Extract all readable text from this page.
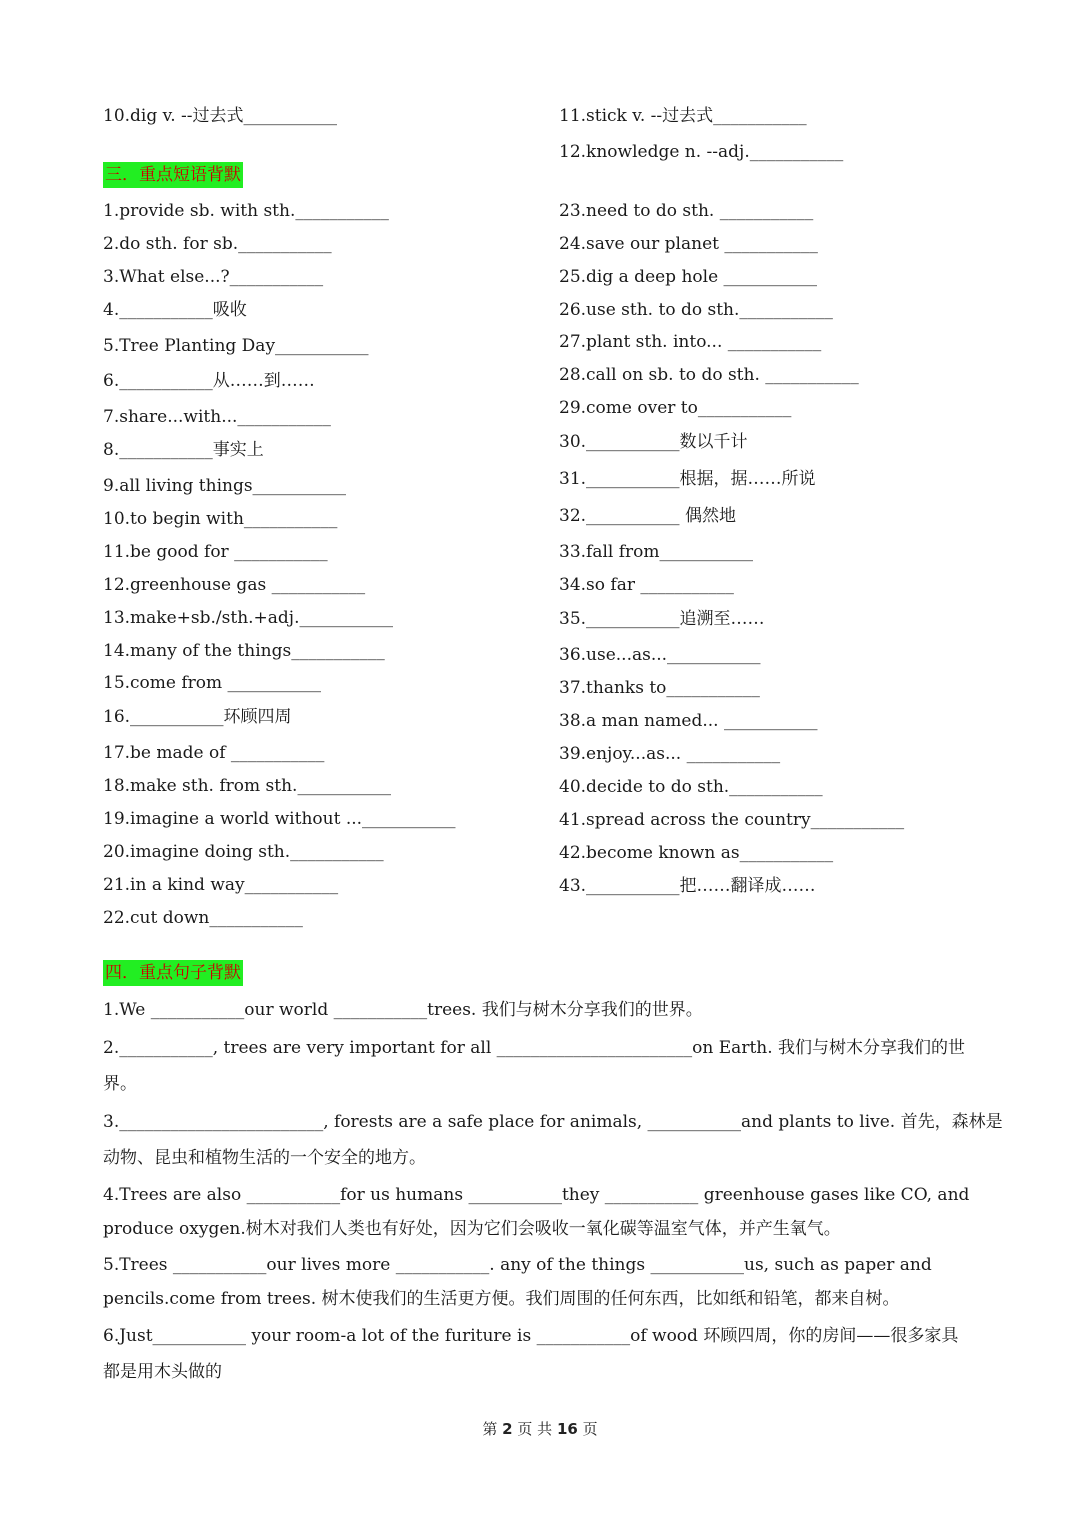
10.dig v. --过去式___________	11.stick v. --过去式___________
12.knowledge n. --adj.___________
三．重点短语背默
1.provide sb. with sth.___________
2.do sth. for sb.___________
3.What else...?___________
4.___________吸收
5.Tree Planting Day___________
6.___________从……到……
7.share...with...___________
8.___________事实上
9.all living things___________
10.to begin with___________
11.be good for ___________
12.greenhouse gas ___________
13.make+sb./sth.+adj.___________
14.many of the things___________
15.come from ___________
16.___________环顾四周
17.be made of ___________
18.make sth. from sth.___________
19.imagine a world without ...___________
20.imagine doing sth.___________
21.in a kind way___________
22.cut down___________
23.need to do sth. ___________
24.save our planet ___________
25.dig a deep hole ___________
26.use sth. to do sth.___________
27.plant sth. into... ___________
28.call on sb. to do sth. ___________
29.come over to___________
30.___________数以千计
31.___________根据，据……所说
32.___________ 偶然地
33.fall from___________
34.so far ___________
35.___________追溯至……
36.use...as...___________
37.thanks to___________
38.a man named... ___________
39.enjoy...as... ___________
40.decide to do sth.___________
41.spread across the country___________
42.become known as___________
43.___________把……翻译成……
四．重点句子背默
1.We ___________our world ___________trees. 我们与树木分享我们的世界。
2.___________, trees are very important for all _______________________on Earth. 我们与树木分享我们的世
界。
3.________________________, forests are a safe place for animals, ___________and plants to live. 首先，森林是
动物、昆虫和植物生活的一个安全的地方。
4.Trees are also ___________for us humans ___________they ___________ greenhouse gases like CO, and
produce oxygen.树木对我们人类也有好处，因为它们会吸收一氧化碳等温室气体，并产生氧气。
5.Trees ___________our lives more ___________. any of the things ___________us, such as paper and
pencils.come from trees. 树木使我们的生活更方便。我们周围的任何东西，比如纸和铅笔，都来自树。
6.Just___________ your room-a lot of the furiture is ___________of wood 环顾四周，你的房间——很多家具
都是用木头做的
第 2 页 共 16 页
